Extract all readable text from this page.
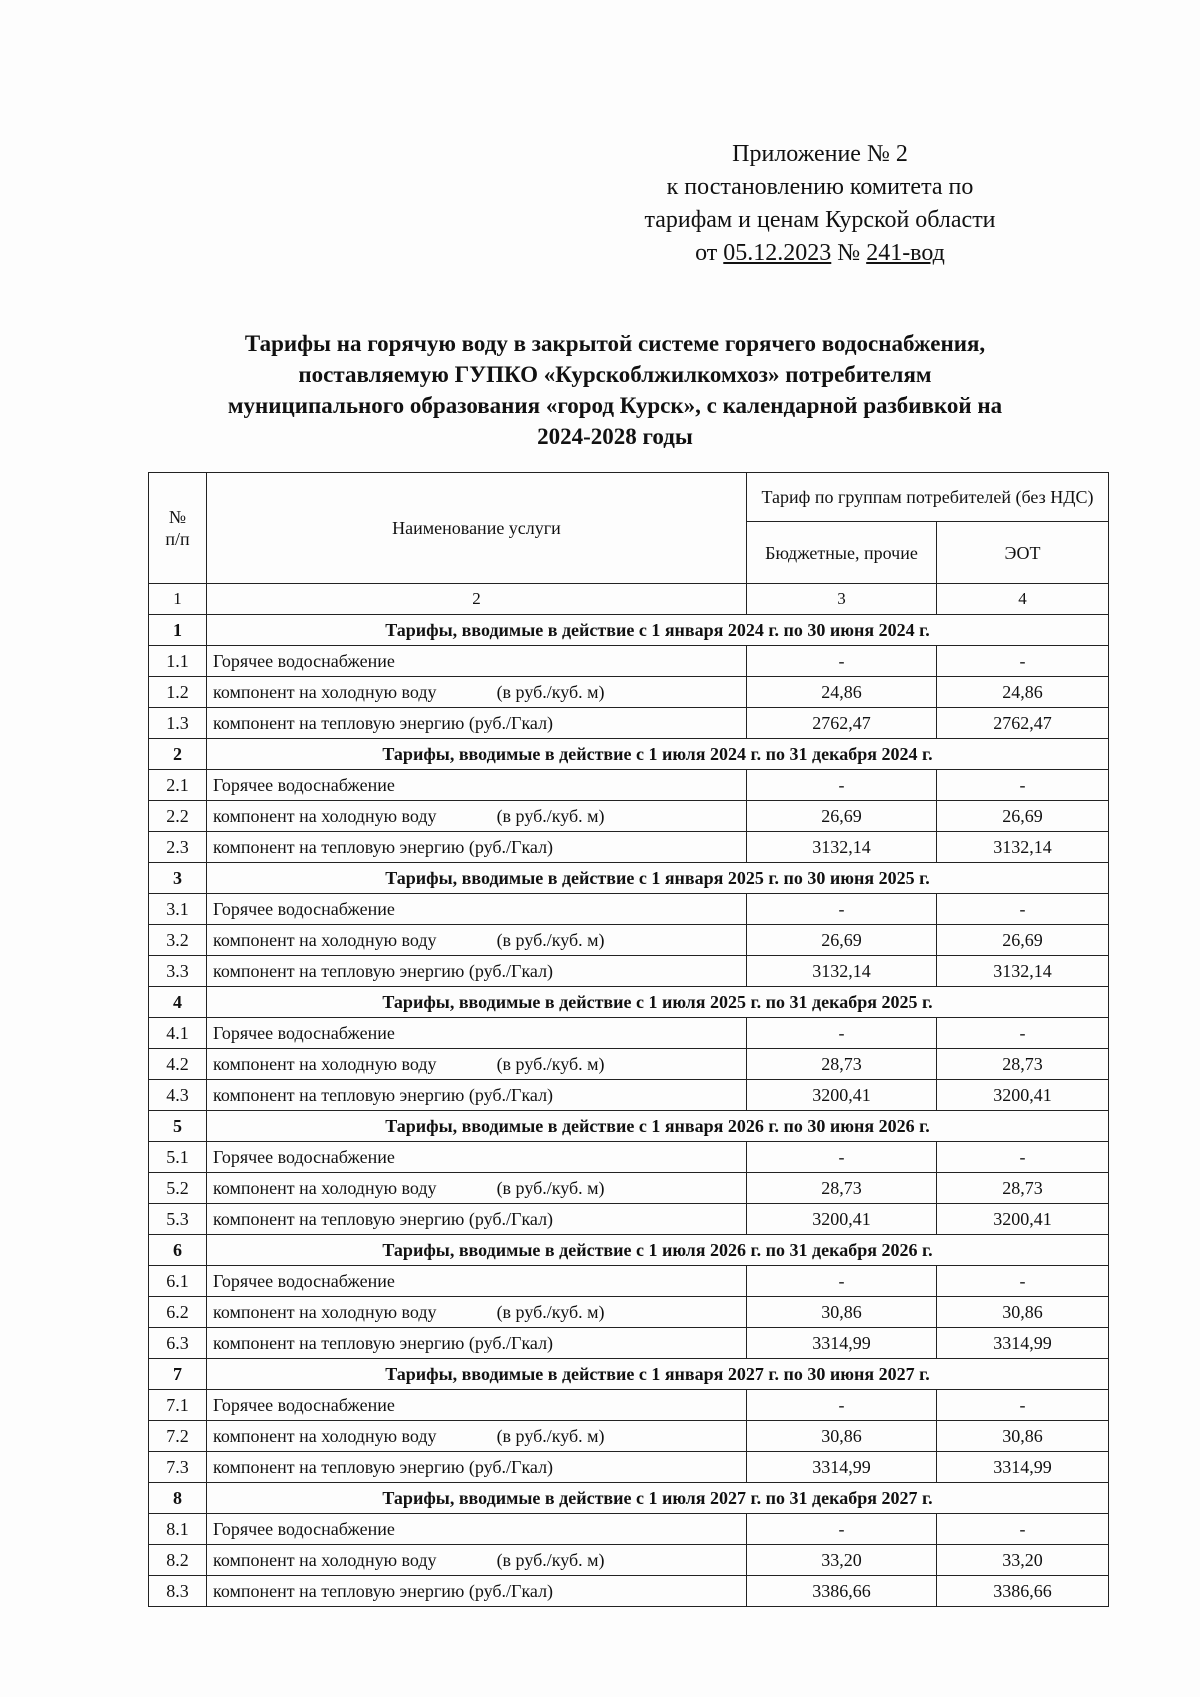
Приложение № 2
к постановлению комитета по
тарифам и ценам Курской области
от 05.12.2023 № 241-вод
Тарифы на горячую воду в закрытой системе горячего водоснабжения,
поставляемую ГУПКО «Курскоблжилкомхоз» потребителям
муниципального образования «город Курск», с календарной разбивкой на
2024-2028 годы
№
п/п	Наименование услуги	Тариф по группам потребителей (без НДС)	
		Бюджетные, прочие	ЭОТ
1	2	3	4
1	Тарифы, вводимые в действие с 1 января 2024 г. по 30 июня 2024 г.		
1.1	Горячее водоснабжение	-	-
1.2	компонент на холодную воду (в руб./куб. м)	24,86	24,86
1.3	компонент на тепловую энергию (руб./Гкал)	2762,47	2762,47
2	Тарифы, вводимые в действие с 1 июля 2024 г. по 31 декабря 2024 г.		
2.1	Горячее водоснабжение	-	-
2.2	компонент на холодную воду (в руб./куб. м)	26,69	26,69
2.3	компонент на тепловую энергию (руб./Гкал)	3132,14	3132,14
3	Тарифы, вводимые в действие с 1 января 2025 г. по 30 июня 2025 г.		
3.1	Горячее водоснабжение	-	-
3.2	компонент на холодную воду (в руб./куб. м)	26,69	26,69
3.3	компонент на тепловую энергию (руб./Гкал)	3132,14	3132,14
4	Тарифы, вводимые в действие с 1 июля 2025 г. по 31 декабря 2025 г.		
4.1	Горячее водоснабжение	-	-
4.2	компонент на холодную воду (в руб./куб. м)	28,73	28,73
4.3	компонент на тепловую энергию (руб./Гкал)	3200,41	3200,41
5	Тарифы, вводимые в действие с 1 января 2026 г. по 30 июня 2026 г.		
5.1	Горячее водоснабжение	-	-
5.2	компонент на холодную воду (в руб./куб. м)	28,73	28,73
5.3	компонент на тепловую энергию (руб./Гкал)	3200,41	3200,41
6	Тарифы, вводимые в действие с 1 июля 2026 г. по 31 декабря 2026 г.		
6.1	Горячее водоснабжение	-	-
6.2	компонент на холодную воду (в руб./куб. м)	30,86	30,86
6.3	компонент на тепловую энергию (руб./Гкал)	3314,99	3314,99
7	Тарифы, вводимые в действие с 1 января 2027 г. по 30 июня 2027 г.		
7.1	Горячее водоснабжение	-	-
7.2	компонент на холодную воду (в руб./куб. м)	30,86	30,86
7.3	компонент на тепловую энергию (руб./Гкал)	3314,99	3314,99
8	Тарифы, вводимые в действие с 1 июля 2027 г. по 31 декабря 2027 г.		
8.1	Горячее водоснабжение	-	-
8.2	компонент на холодную воду (в руб./куб. м)	33,20	33,20
8.3	компонент на тепловую энергию (руб./Гкал)	3386,66	3386,66
